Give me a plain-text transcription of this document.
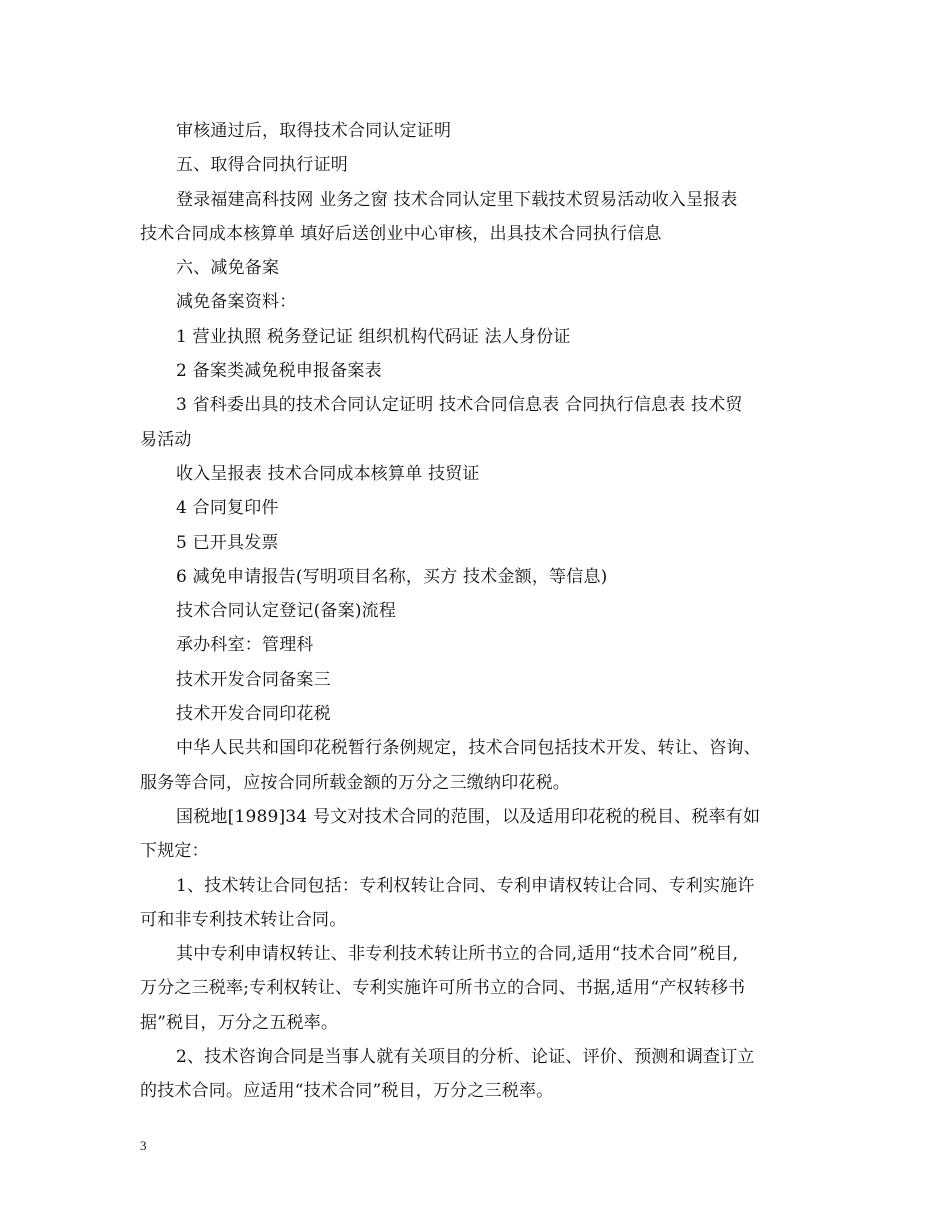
审核通过后，取得技术合同认定证明
五、取得合同执行证明
登录福建高科技网 业务之窗 技术合同认定里下载技术贸易活动收入呈报表
技术合同成本核算单 填好后送创业中心审核，出具技术合同执行信息
六、减免备案
减免备案资料：
1 营业执照 税务登记证 组织机构代码证 法人身份证
2 备案类减免税申报备案表
3 省科委出具的技术合同认定证明 技术合同信息表 合同执行信息表 技术贸
易活动
收入呈报表 技术合同成本核算单 技贸证
4 合同复印件
5 已开具发票
6 减免申请报告(写明项目名称，买方 技术金额，等信息)
技术合同认定登记(备案)流程
承办科室：管理科
技术开发合同备案三
技术开发合同印花税
中华人民共和国印花税暂行条例规定，技术合同包括技术开发、转让、咨询、
服务等合同，应按合同所载金额的万分之三缴纳印花税。
国税地[1989]34 号文对技术合同的范围，以及适用印花税的税目、税率有如
下规定：
1、技术转让合同包括：专利权转让合同、专利申请权转让合同、专利实施许
可和非专利技术转让合同。
其中专利申请权转让、非专利技术转让所书立的合同,适用“技术合同”税目,
万分之三税率;专利权转让、专利实施许可所书立的合同、书据,适用“产权转移书
据”税目，万分之五税率。
2、技术咨询合同是当事人就有关项目的分析、论证、评价、预测和调查订立
的技术合同。应适用“技术合同”税目，万分之三税率。
3
